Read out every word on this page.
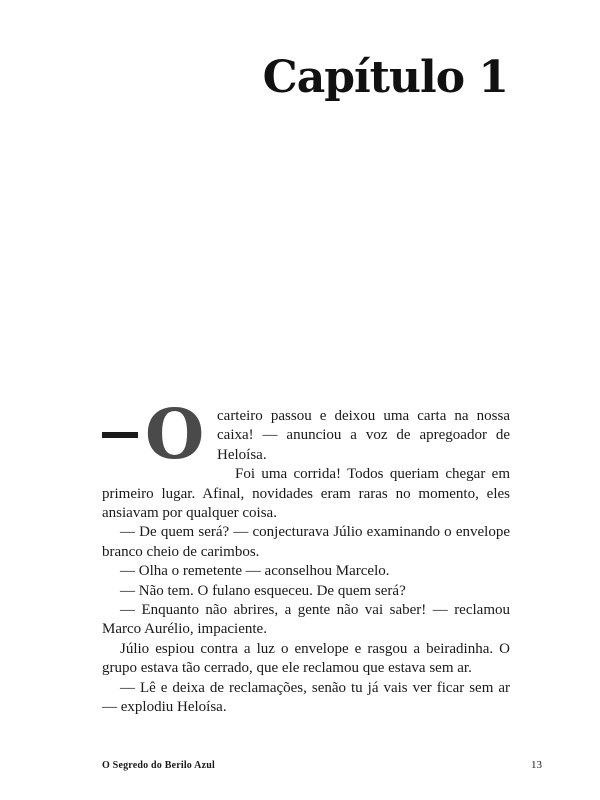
Capítulo 1
O carteiro passou e deixou uma carta na nossa caixa! — anunciou a voz de apregoador de Heloísa.

Foi uma corrida! Todos queriam chegar em primeiro lugar. Afinal, novidades eram raras no momento, eles ansiavam por qualquer coisa.

— De quem será? — conjecturava Júlio examinando o envelope branco cheio de carimbos.

— Olha o remetente — aconselhou Marcelo.

— Não tem. O fulano esqueceu. De quem será?

— Enquanto não abrires, a gente não vai saber! — reclamou Marco Aurélio, impaciente.

Júlio espiou contra a luz o envelope e rasgou a beiradinha. O grupo estava tão cerrado, que ele reclamou que estava sem ar.

— Lê e deixa de reclamações, senão tu já vais ver ficar sem ar — explodiu Heloísa.

O Segredo do Berilo Azul	13
